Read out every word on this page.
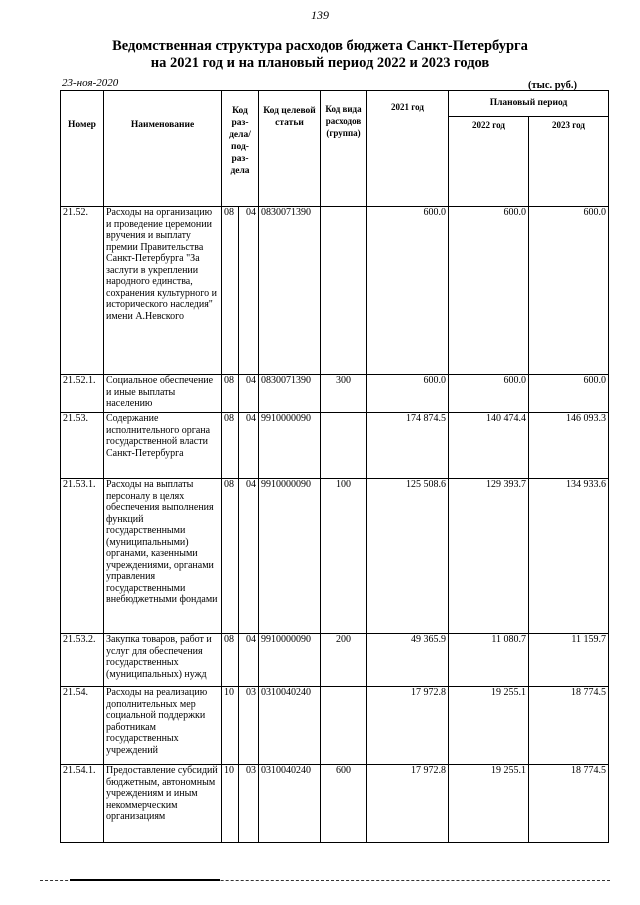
139
Ведомственная структура расходов бюджета Санкт-Петербурга
на 2021 год и на плановый период 2022 и 2023 годов
23-ноя-2020	(тыс. руб.)
Номер	Наименование	Код раз- дела/ под- раз- дела		Код целевой статьи	Код вида расходов (группа)	2021 год	Плановый период	
							2022 год	2023 год
21.52.	Расходы на организацию и проведение церемонии вручения и выплату премии Правительства Санкт-Петербурга "За заслуги в укреплении народного единства, сохранения культурного и исторического наследия" имени А.Невского	08	04	0830071390		600.0	600.0	600.0
21.52.1.	Социальное обеспечение и иные выплаты населению	08	04	0830071390	300	600.0	600.0	600.0
21.53.	Содержание исполнительного органа государственной власти Санкт-Петербурга	08	04	9910000090		174 874.5	140 474.4	146 093.3
21.53.1.	Расходы на выплаты персоналу в целях обеспечения выполнения функций государственными (муниципальными) органами, казенными учреждениями, органами управления государственными внебюджетными фондами	08	04	9910000090	100	125 508.6	129 393.7	134 933.6
21.53.2.	Закупка товаров, работ и услуг для обеспечения государственных (муниципальных) нужд	08	04	9910000090	200	49 365.9	11 080.7	11 159.7
21.54.	Расходы на реализацию дополнительных мер социальной поддержки работникам государственных учреждений	10	03	0310040240		17 972.8	19 255.1	18 774.5
21.54.1.	Предоставление субсидий бюджетным, автономным учреждениям и иным некоммерческим организациям	10	03	0310040240	600	17 972.8	19 255.1	18 774.5
